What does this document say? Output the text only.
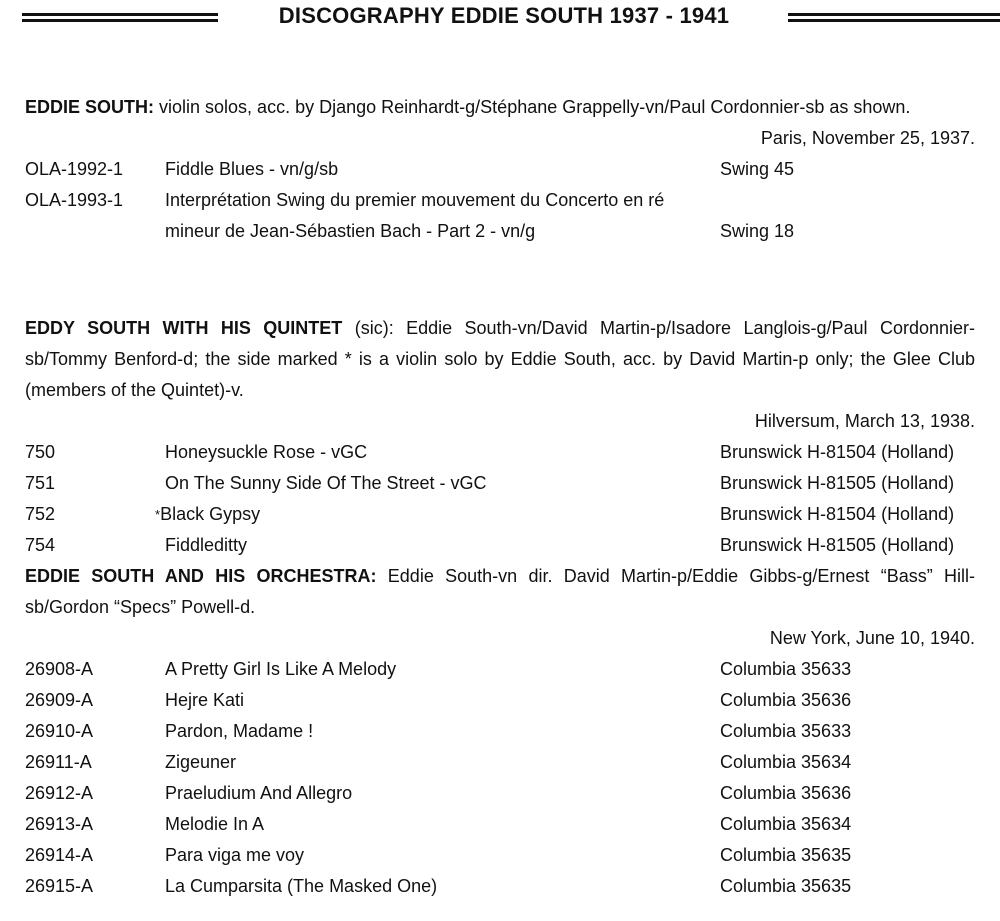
DISCOGRAPHY EDDIE SOUTH 1937 - 1941

EDDIE SOUTH: violin solos, acc. by Django Reinhardt-g/Stéphane Grappelly-vn/Paul Cordonnier-sb as shown.

Paris, November 25, 1937.

OLA-1992-1 Fiddle Blues - vn/g/sb	Swing 45
OLA-1993-1 Interprétation Swing du premier mouvement du Concerto en ré mineur de Jean-Sébastien Bach - Part 2 - vn/g	Swing 18

EDDY SOUTH WITH HIS QUINTET (sic): Eddie South-vn/David Martin-p/Isadore Langlois-g/Paul Cordonnier-sb/Tommy Benford-d; the side marked * is a violin solo by Eddie South, acc. by David Martin-p only; the Glee Club (members of the Quintet)-v.

Hilversum, March 13, 1938.

750	Honeysuckle Rose - vGC	Brunswick H-81504 (Holland)
751	On The Sunny Side Of The Street - vGC	Brunswick H-81505 (Holland)
752	*Black Gypsy	Brunswick H-81504 (Holland)
754	Fiddleditty	Brunswick H-81505 (Holland)

EDDIE SOUTH AND HIS ORCHESTRA: Eddie South-vn dir. David Martin-p/Eddie Gibbs-g/Ernest “Bass” Hill-sb/Gordon “Specs” Powell-d.

New York, June 10, 1940.

26908-A	A Pretty Girl Is Like A Melody	Columbia 35633
26909-A	Hejre Kati	Columbia 35636
26910-A	Pardon, Madame !	Columbia 35633
26911-A	Zigeuner	Columbia 35634
26912-A	Praeludium And Allegro	Columbia 35636
26913-A	Melodie In A	Columbia 35634
26914-A	Para viga me voy	Columbia 35635
26915-A	La Cumparsita (The Masked One)	Columbia 35635
